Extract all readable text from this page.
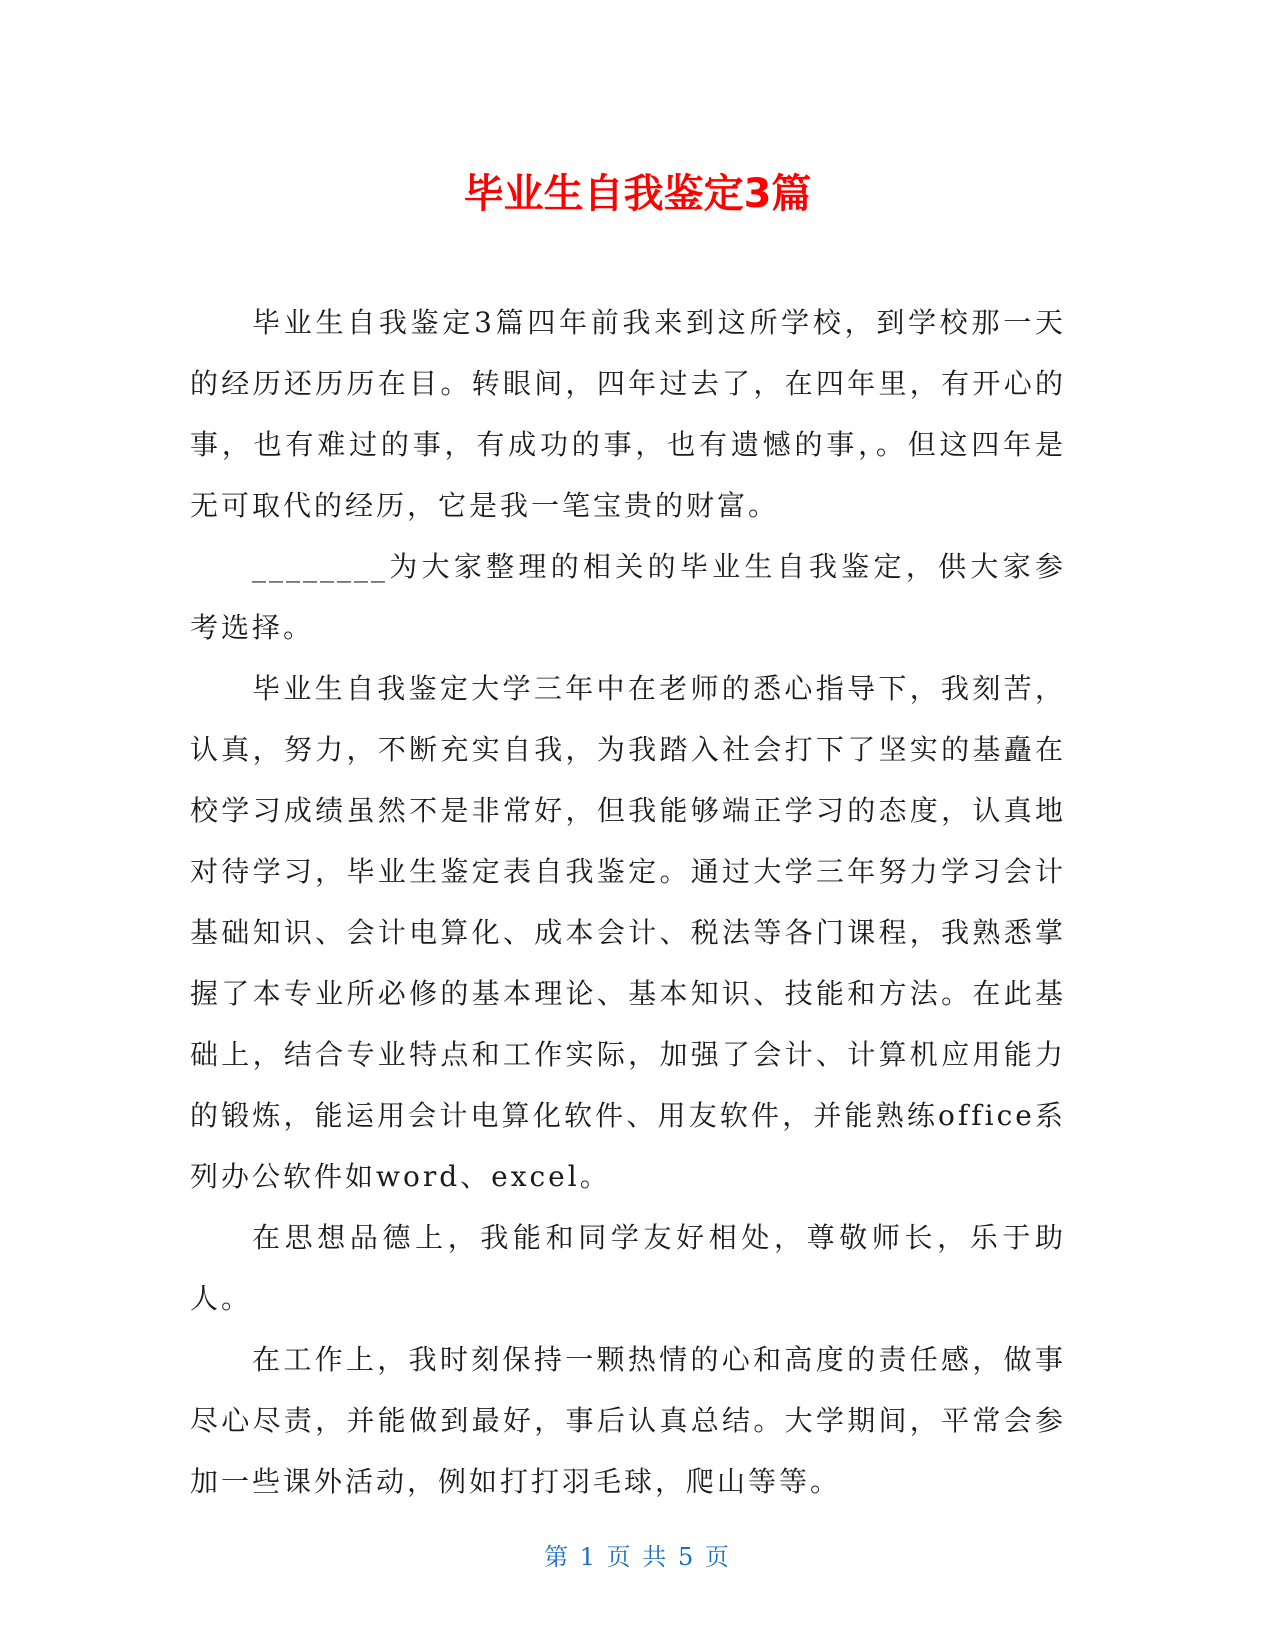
毕业生自我鉴定3篇

毕业生自我鉴定3篇四年前我来到这所学校，到学校那一天的经历还历历在目。转眼间，四年过去了，在四年里，有开心的事，也有难过的事，有成功的事，也有遗憾的事，。但这四年是无可取代的经历，它是我一笔宝贵的财富。

________为大家整理的相关的毕业生自我鉴定，供大家参考选择。

毕业生自我鉴定大学三年中在老师的悉心指导下，我刻苦，认真，努力，不断充实自我，为我踏入社会打下了坚实的基矗在校学习成绩虽然不是非常好，但我能够端正学习的态度，认真地对待学习，毕业生鉴定表自我鉴定。通过大学三年努力学习会计基础知识、会计电算化、成本会计、税法等各门课程，我熟悉掌握了本专业所必修的基本理论、基本知识、技能和方法。在此基础上，结合专业特点和工作实际，加强了会计、计算机应用能力的锻炼，能运用会计电算化软件、用友软件，并能熟练office系列办公软件如word、excel。

在思想品德上，我能和同学友好相处，尊敬师长，乐于助人。

在工作上，我时刻保持一颗热情的心和高度的责任感，做事尽心尽责，并能做到最好，事后认真总结。大学期间，平常会参加一些课外活动，例如打打羽毛球，爬山等等。

第 1 页 共 5 页
